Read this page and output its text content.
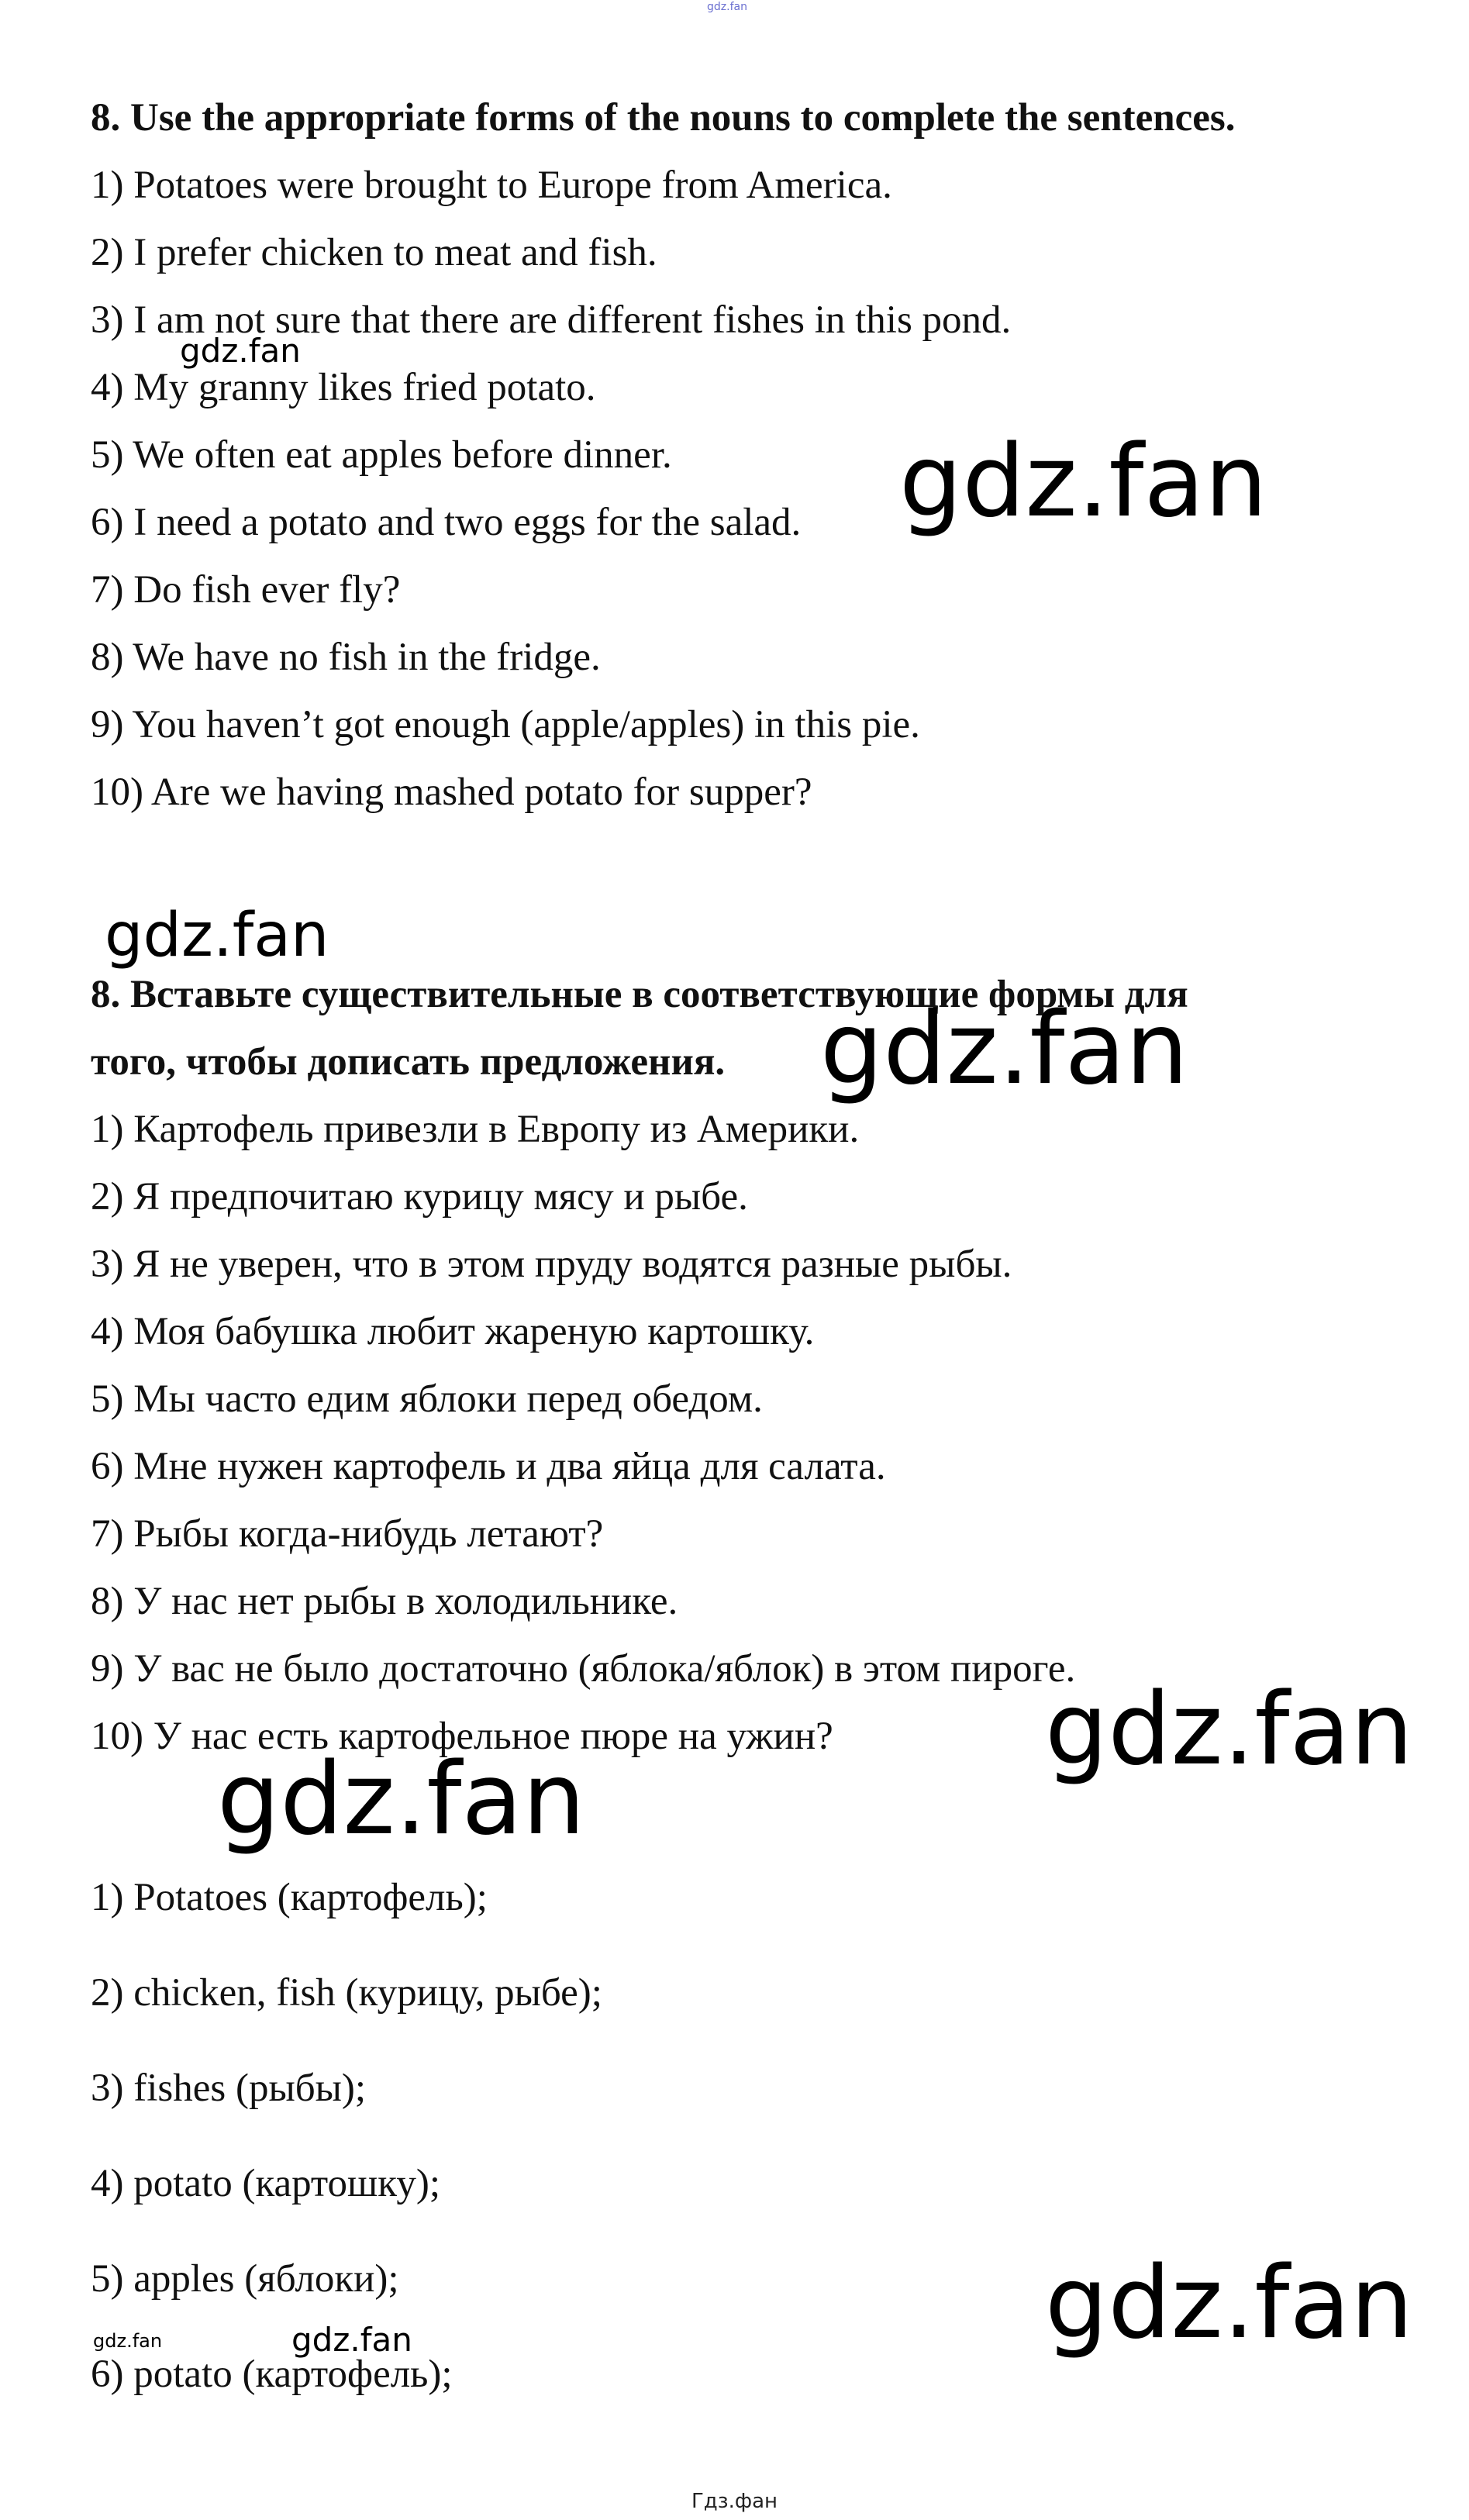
gdz.fan
8. Use the appropriate forms of the nouns to complete the sentences.
1) Potatoes were brought to Europe from America.
2) I prefer chicken to meat and fish.
3) I am not sure that there are different fishes in this pond.
4) My granny likes fried potato.
5) We often eat apples before dinner.
6) I need a potato and two eggs for the salad.
7) Do fish ever fly?
8) We have no fish in the fridge.
9) You haven’t got enough (apple/apples) in this pie.
10) Are we having mashed potato for supper?
8. Вставьте существительные в соответствующие формы для
того, чтобы дописать предложения.
1) Картофель привезли в Европу из Америки.
2) Я предпочитаю курицу мясу и рыбе.
3) Я не уверен, что в этом пруду водятся разные рыбы.
4) Моя бабушка любит жареную картошку.
5) Мы часто едим яблоки перед обедом.
6) Мне нужен картофель и два яйца для салата.
7) Рыбы когда-нибудь летают?
8) У нас нет рыбы в холодильнике.
9) У вас не было достаточно (яблока/яблок) в этом пироге.
10) У нас есть картофельное пюре на ужин?
1) Potatoes (картофель);
2) chicken, fish (курицу, рыбе);
3) fishes (рыбы);
4) potato (картошку);
5) apples (яблоки);
6) potato (картофель);
gdz.fan
gdz.fan
gdz.fan
gdz.fan
gdz.fan
gdz.fan
gdz.fan
gdz.fan	gdz.fan
Гдз.фан
